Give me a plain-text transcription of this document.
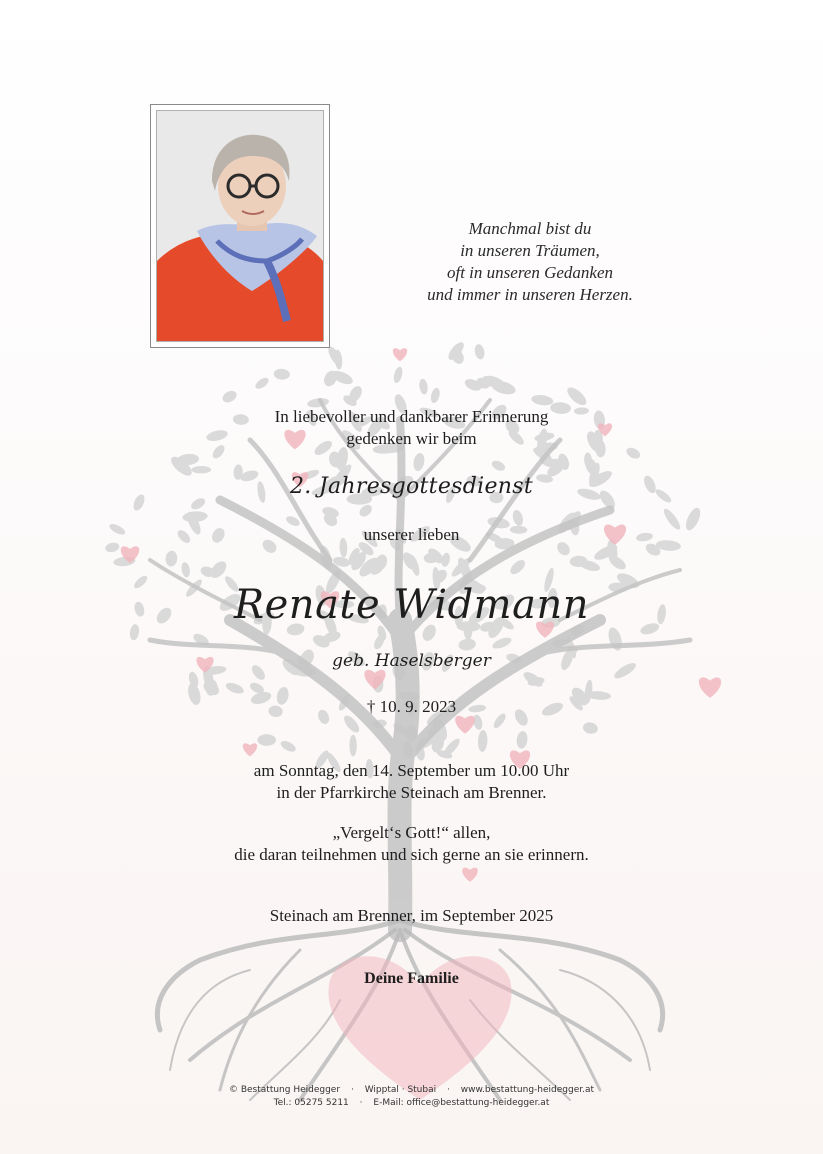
Manchmal bist du
in unseren Träumen,
oft in unseren Gedanken
und immer in unseren Herzen.
In liebevoller und dankbarer Erinnerung
gedenken wir beim
2. Jahresgottesdienst
unserer lieben
Renate Widmann
geb. Haselsberger
† 10. 9. 2023
am Sonntag, den 14. September um 10.00 Uhr
in der Pfarrkirche Steinach am Brenner.
„Vergelt‘s Gott!“ allen,
die daran teilnehmen und sich gerne an sie erinnern.
Steinach am Brenner, im September 2025
Deine Familie
© Bestattung Heidegger · Wipptal · Stubai · www.bestattung-heidegger.at
Tel.: 05275 5211 · E-Mail: office@bestattung-heidegger.at
